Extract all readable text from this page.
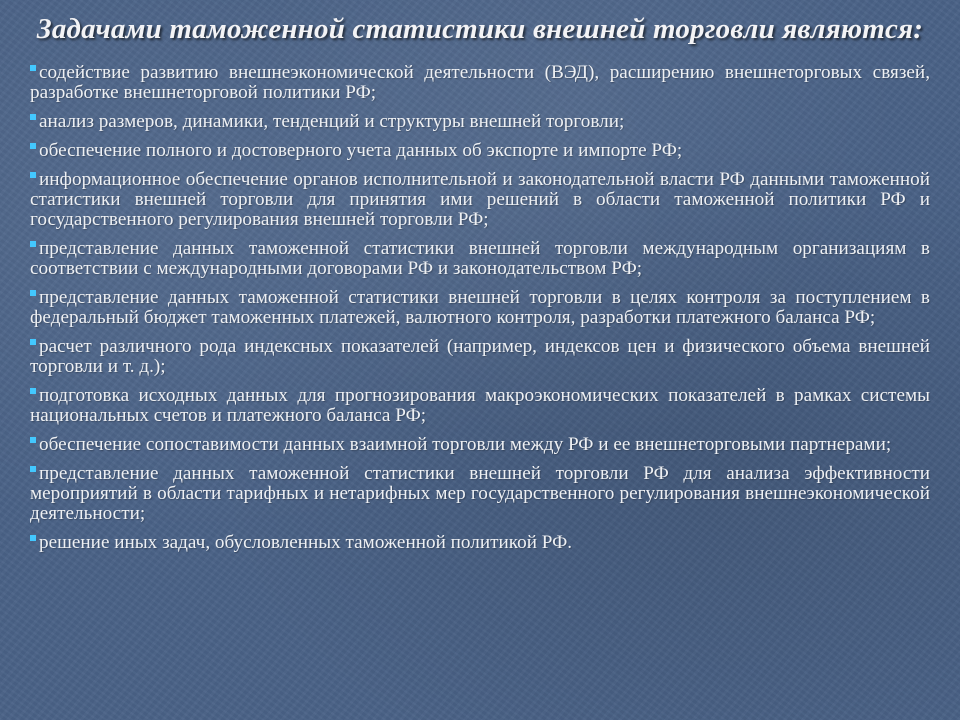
Задачами таможенной статистики внешней торговли являются:
содействие развитию внешнеэкономической деятельности (ВЭД), расширению внешнеторговых связей, разработке внешнеторговой политики РФ;
анализ размеров, динамики, тенденций и структуры внешней торговли;
обеспечение полного и достоверного учета данных об экспорте и импорте РФ;
информационное обеспечение органов исполнительной и законодательной власти РФ данными таможенной статистики внешней торговли для принятия ими решений в области таможенной политики РФ и государственного регулирования внешней торговли РФ;
представление данных таможенной статистики внешней торговли международным организациям в соответствии с международными договорами РФ и законодательством РФ;
представление данных таможенной статистики внешней торговли в целях контроля за поступлением в федеральный бюджет таможенных платежей, валютного контроля, разработки платежного баланса РФ;
расчет различного рода индексных показателей (например, индексов цен и физического объема внешней торговли и т. д.);
подготовка исходных данных для прогнозирования макроэкономических показателей в рамках системы национальных счетов и платежного баланса РФ;
обеспечение сопоставимости данных взаимной торговли между РФ и ее внешнеторговыми партнерами;
представление данных таможенной статистики внешней торговли РФ для анализа эффективности мероприятий в области тарифных и нетарифных мер государственного регулирования внешнеэкономической деятельности;
решение иных задач, обусловленных таможенной политикой РФ.
